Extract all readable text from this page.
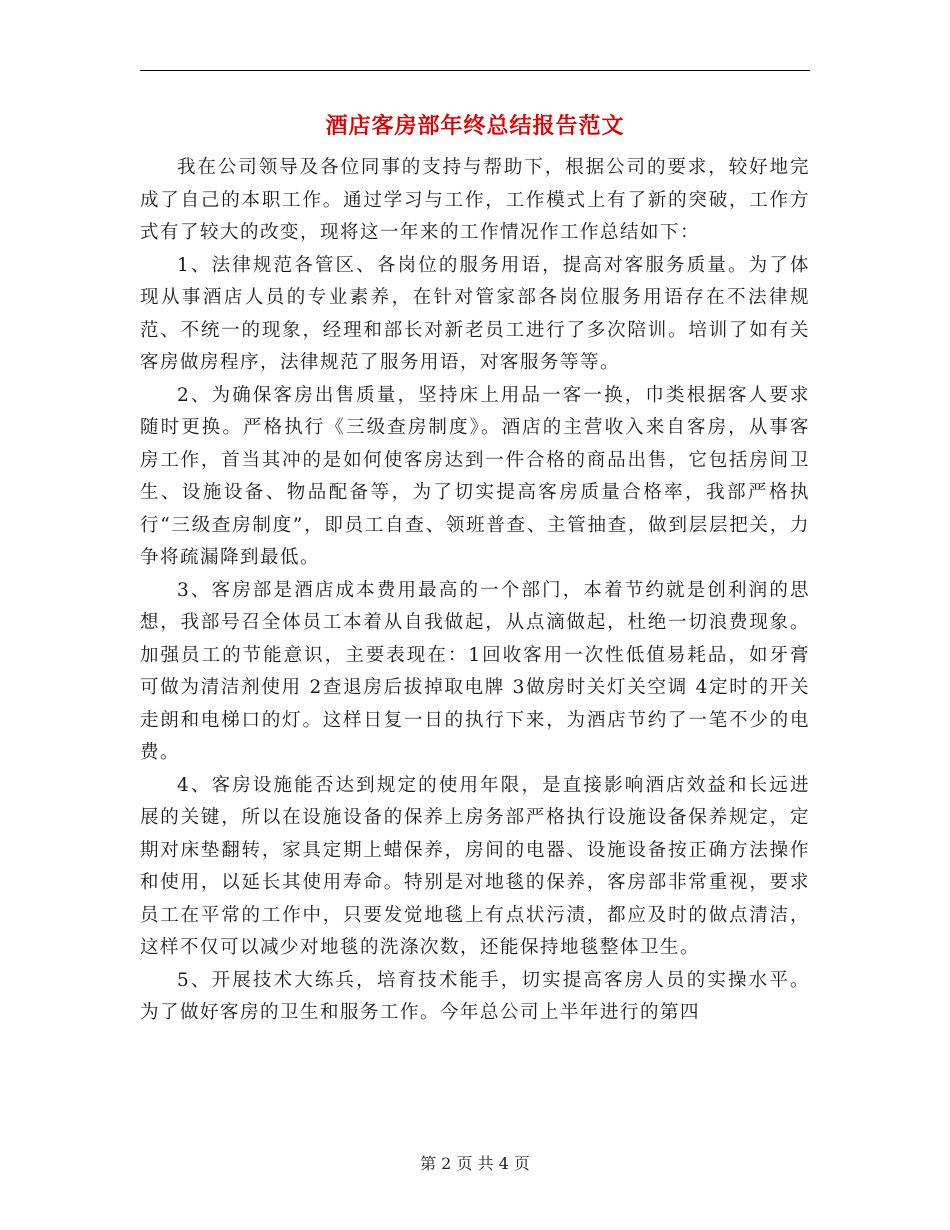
酒店客房部年终总结报告范文

我在公司领导及各位同事的支持与帮助下，根据公司的要求，较好地完成了自己的本职工作。通过学习与工作，工作模式上有了新的突破，工作方式有了较大的改变，现将这一年来的工作情况作工作总结如下：

1、法律规范各管区、各岗位的服务用语，提高对客服务质量。为了体现从事酒店人员的专业素养，在针对管家部各岗位服务用语存在不法律规范、不统一的现象，经理和部长对新老员工进行了多次陪训。培训了如有关客房做房程序，法律规范了服务用语，对客服务等等。

2、为确保客房出售质量，坚持床上用品一客一换，巾类根据客人要求随时更换。严格执行《三级查房制度》。酒店的主营收入来自客房，从事客房工作，首当其冲的是如何使客房达到一件合格的商品出售，它包括房间卫生、设施设备、物品配备等，为了切实提高客房质量合格率，我部严格执行“三级查房制度”，即员工自查、领班普查、主管抽查，做到层层把关，力争将疏漏降到最低。

3、客房部是酒店成本费用最高的一个部门，本着节约就是创利润的思想，我部号召全体员工本着从自我做起，从点滴做起，杜绝一切浪费现象。加强员工的节能意识，主要表现在：1回收客用一次性低值易耗品，如牙膏可做为清洁剂使用 2查退房后拔掉取电牌 3做房时关灯关空调 4定时的开关走朗和电梯口的灯。这样日复一日的执行下来，为酒店节约了一笔不少的电费。

4、客房设施能否达到规定的使用年限，是直接影响酒店效益和长远进展的关键，所以在设施设备的保养上房务部严格执行设施设备保养规定，定期对床垫翻转，家具定期上蜡保养，房间的电器、设施设备按正确方法操作和使用，以延长其使用寿命。特别是对地毯的保养，客房部非常重视，要求员工在平常的工作中，只要发觉地毯上有点状污渍，都应及时的做点清洁，这样不仅可以减少对地毯的洗涤次数，还能保持地毯整体卫生。

5、开展技术大练兵，培育技术能手，切实提高客房人员的实操水平。为了做好客房的卫生和服务工作。今年总公司上半年进行的第四

第 2 页 共 4 页
